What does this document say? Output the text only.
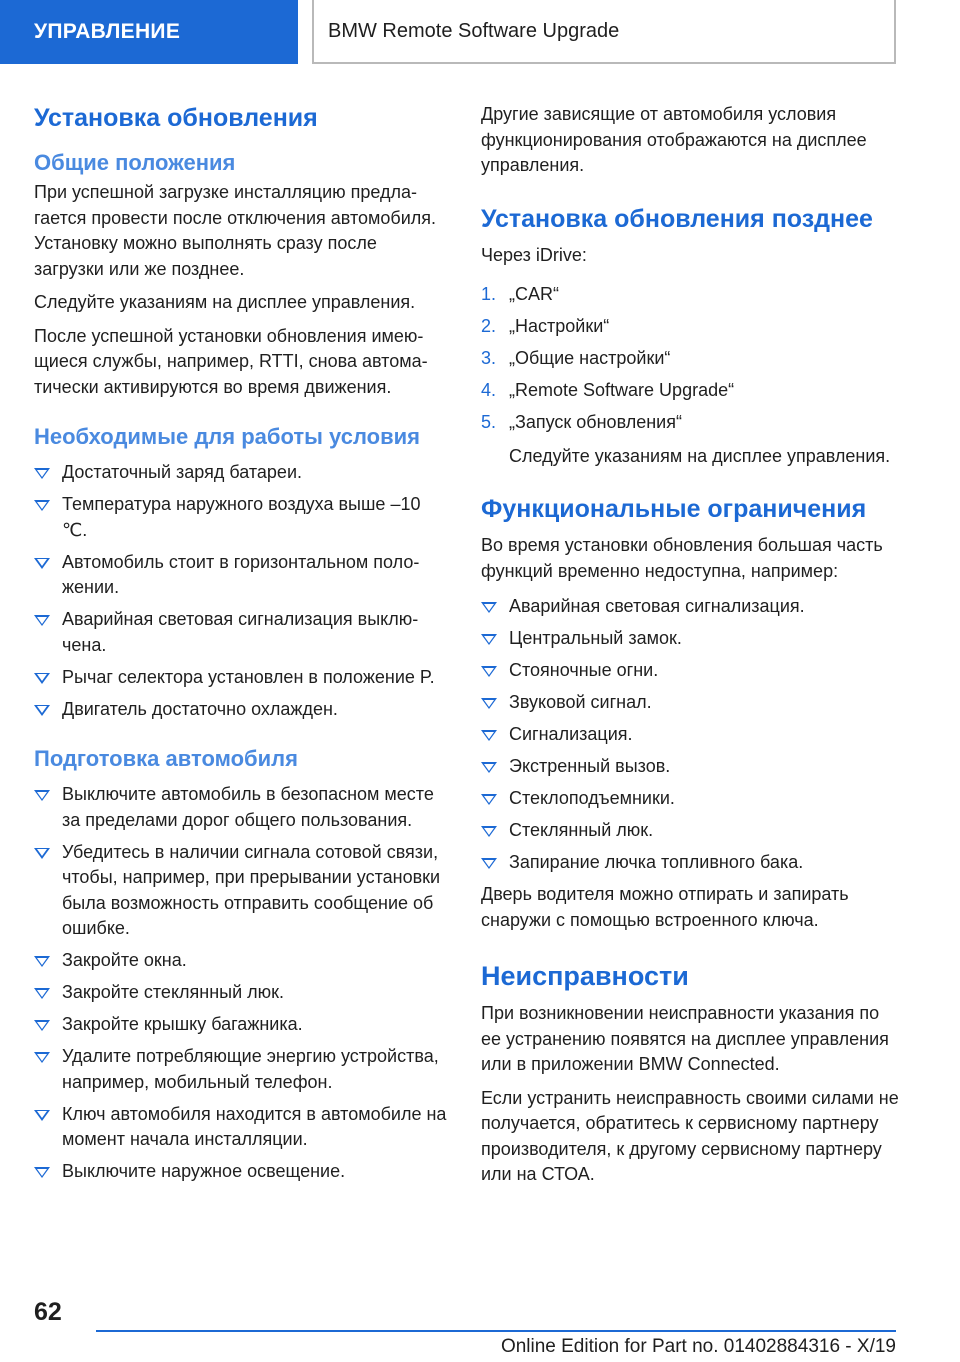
УПРАВЛЕНИЕ	BMW Remote Software Upgrade
Установка обновления
Общие положения

При успешной загрузке инсталляцию предлагается провести после отключения автомобиля. Установку можно выполнять сразу после загрузки или же позднее.

Следуйте указаниям на дисплее управления.

После успешной установки обновления имеющиеся службы, например, RTTI, снова автоматически активируются во время движения.

Необходимые для работы условия
Достаточный заряд батареи.
Температура наружного воздуха выше –10 ℃.
Автомобиль стоит в горизонтальном положении.
Аварийная световая сигнализация выключена.
Рычаг селектора установлен в положение P.
Двигатель достаточно охлажден.
Подготовка автомобиля
Выключите автомобиль в безопасном месте за пределами дорог общего пользования.
Убедитесь в наличии сигнала сотовой связи, чтобы, например, при прерывании установки была возможность отправить сообщение об ошибке.
Закройте окна.
Закройте стеклянный люк.
Закройте крышку багажника.
Удалите потребляющие энергию устройства, например, мобильный телефон.
Ключ автомобиля находится в автомобиле на момент начала инсталляции.
Выключите наружное освещение.

Другие зависящие от автомобиля условия функционирования отображаются на дисплее управления.

Установка обновления позднее

Через iDrive:

1. „CAR“
2. „Настройки“
3. „Общие настройки“
4. „Remote Software Upgrade“
5. „Запуск обновления“

Следуйте указаниям на дисплее управления.

Функциональные ограничения

Во время установки обновления большая часть функций временно недоступна, например:

Аварийная световая сигнализация.
Центральный замок.
Стояночные огни.
Звуковой сигнал.
Сигнализация.
Экстренный вызов.
Стеклоподъемники.
Стеклянный люк.
Запирание лючка топливного бака.

Дверь водителя можно отпирать и запирать снаружи с помощью встроенного ключа.

Неисправности

При возникновении неисправности указания по ее устранению появятся на дисплее управления или в приложении BMW Connected.

Если устранить неисправность своими силами не получается, обратитесь к сервисному партнеру производителя, к другому сервисному партнеру или на СТОА.

62
Online Edition for Part no. 01402884316 - X/19
